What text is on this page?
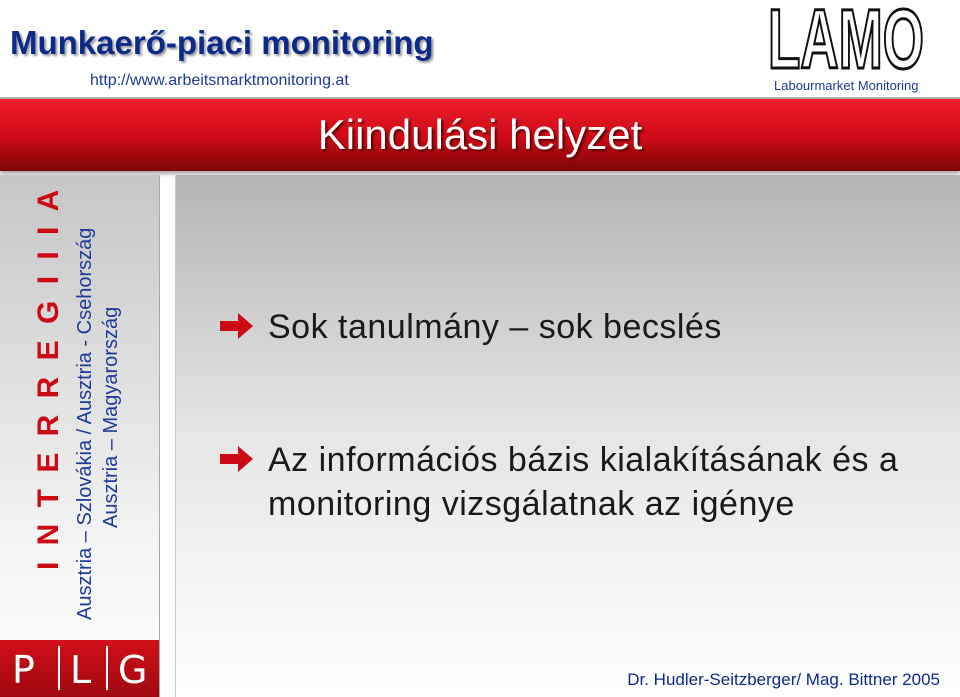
Munkaerő-piaci monitoring
http://www.arbeitsmarktmonitoring.at	LAMO
Labourmarket Monitoring
Kiindulási helyzet
I N T E R R E G I I I A Ausztria – Szlovákia / Ausztria - Csehország Ausztria – Magyarország
P L G
Sok tanulmány – sok becslés
Az információs bázis kialakításának és a monitoring vizsgálatnak az igénye
Dr. Hudler-Seitzberger/ Mag. Bittner 2005
